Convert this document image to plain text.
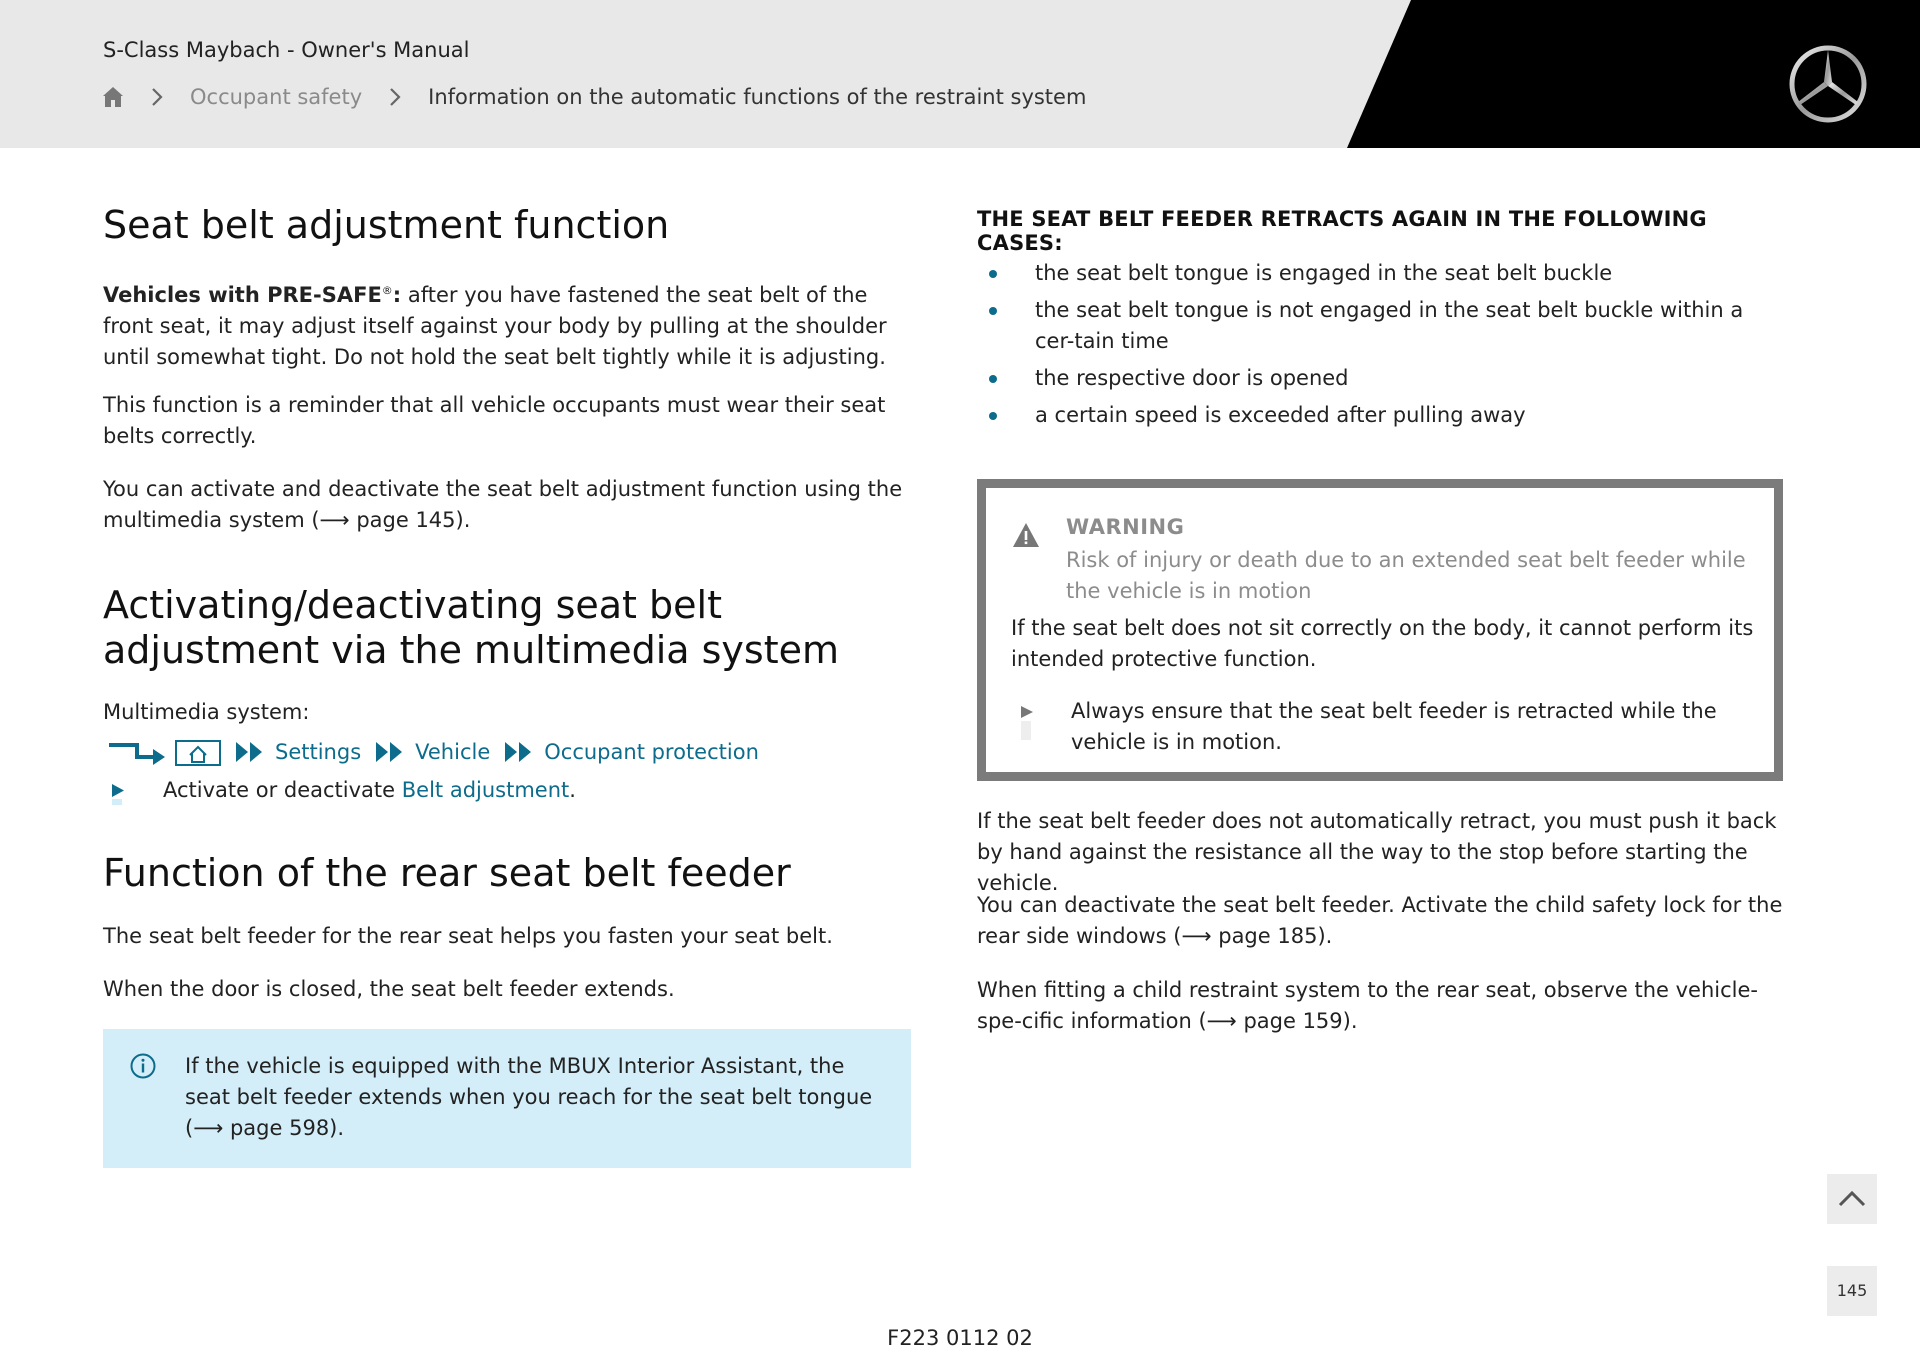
S-Class Maybach - Owner's Manual
Occupant safety	Information on the automatic functions of the restraint system
Seat belt adjustment function

Vehicles with PRE-SAFE®: after you have fastened the seat belt of the front seat, it may adjust itself against your body by pulling at the shoulder until somewhat tight. Do not hold the seat belt tightly while it is adjusting.

This function is a reminder that all vehicle occupants must wear their seat belts correctly.

You can activate and deactivate the seat belt adjustment function using the multimedia system (⟶ page 145).

Activating/deactivating seat belt adjustment via the multimedia system

Multimedia system:

Settings	Vehicle	Occupant protection
Activate or deactivate Belt adjustment.
Function of the rear seat belt feeder

The seat belt feeder for the rear seat helps you fasten your seat belt.

When the door is closed, the seat belt feeder extends.

If the vehicle is equipped with the MBUX Interior Assistant, the seat belt feeder extends when you reach for the seat belt tongue (⟶ page 598).
THE SEAT BELT FEEDER RETRACTS AGAIN IN THE FOLLOWING CASES:
the seat belt tongue is engaged in the seat belt buckle
the seat belt tongue is not engaged in the seat belt buckle within a cer-tain time
the respective door is opened
a certain speed is exceeded after pulling away
WARNING
Risk of injury or death due to an extended seat belt feeder while the vehicle is in motion
If the seat belt does not sit correctly on the body, it cannot perform its intended protective function.
Always ensure that the seat belt feeder is retracted while the vehicle is in motion.

If the seat belt feeder does not automatically retract, you must push it back by hand against the resistance all the way to the stop before starting the vehicle.

You can deactivate the seat belt feeder. Activate the child safety lock for the rear side windows (⟶ page 185).

When fitting a child restraint system to the rear seat, observe the vehicle-spe-cific information (⟶ page 159).

145
F223 0112 02
